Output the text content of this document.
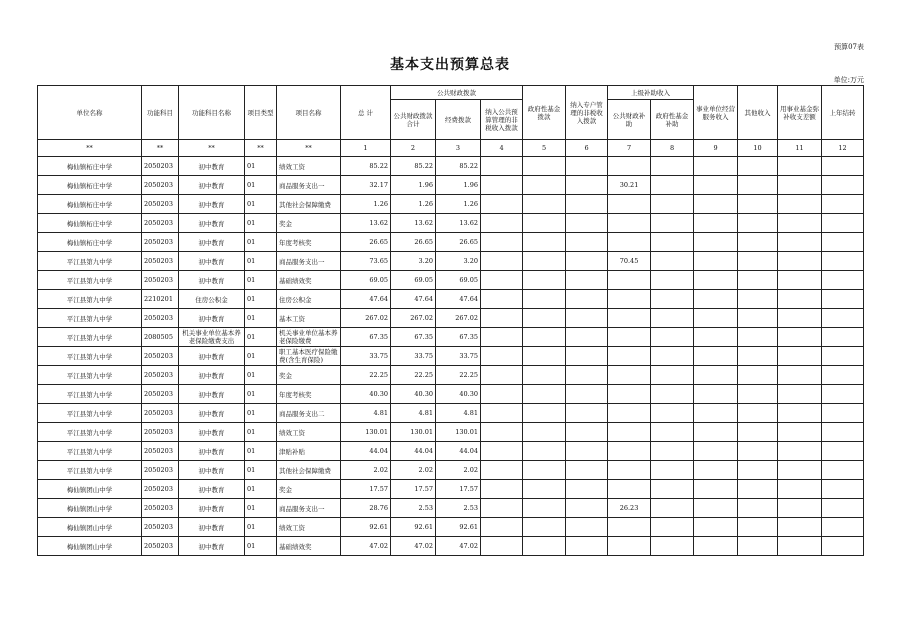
预算07表
基本支出预算总表
单位:万元
单位名称	功能科目	功能科目名称	项目类型	项目名称	总 计	公共财政拨款			政府性基金拨款	纳入专户管理的非税收入拨款	上级补助收入		事业单位经营服务收入	其他收入	用事业基金弥补收支差额	上年结转
						公共财政拨款合计	经费拨款	纳入公共预算管理的非税收入拨款			公共财政补助	政府性基金补助				
**	**	**	**	**	1	2	3	4	5	6	7	8	9	10	11	12
梅仙镇柘庄中学	2050203	初中教育	01	绩效工资	85.22	85.22	85.22									
梅仙镇柘庄中学	2050203	初中教育	01	商品服务支出一	32.17	1.96	1.96				30.21					
梅仙镇柘庄中学	2050203	初中教育	01	其他社会保障缴费	1.26	1.26	1.26									
梅仙镇柘庄中学	2050203	初中教育	01	奖金	13.62	13.62	13.62									
梅仙镇柘庄中学	2050203	初中教育	01	年度考核奖	26.65	26.65	26.65									
平江县第九中学	2050203	初中教育	01	商品服务支出一	73.65	3.20	3.20				70.45					
平江县第九中学	2050203	初中教育	01	基础绩效奖	69.05	69.05	69.05									
平江县第九中学	2210201	住房公积金	01	住房公积金	47.64	47.64	47.64									
平江县第九中学	2050203	初中教育	01	基本工资	267.02	267.02	267.02									
平江县第九中学	2080505	机关事业单位基本养老保险缴费支出	01	机关事业单位基本养老保险缴费	67.35	67.35	67.35									
平江县第九中学	2050203	初中教育	01	职工基本医疗保险缴费(含生育保险)	33.75	33.75	33.75									
平江县第九中学	2050203	初中教育	01	奖金	22.25	22.25	22.25									
平江县第九中学	2050203	初中教育	01	年度考核奖	40.30	40.30	40.30									
平江县第九中学	2050203	初中教育	01	商品服务支出二	4.81	4.81	4.81									
平江县第九中学	2050203	初中教育	01	绩效工资	130.01	130.01	130.01									
平江县第九中学	2050203	初中教育	01	津贴补贴	44.04	44.04	44.04									
平江县第九中学	2050203	初中教育	01	其他社会保障缴费	2.02	2.02	2.02									
梅仙镇团山中学	2050203	初中教育	01	奖金	17.57	17.57	17.57									
梅仙镇团山中学	2050203	初中教育	01	商品服务支出一	28.76	2.53	2.53				26.23					
梅仙镇团山中学	2050203	初中教育	01	绩效工资	92.61	92.61	92.61									
梅仙镇团山中学	2050203	初中教育	01	基础绩效奖	47.02	47.02	47.02									
